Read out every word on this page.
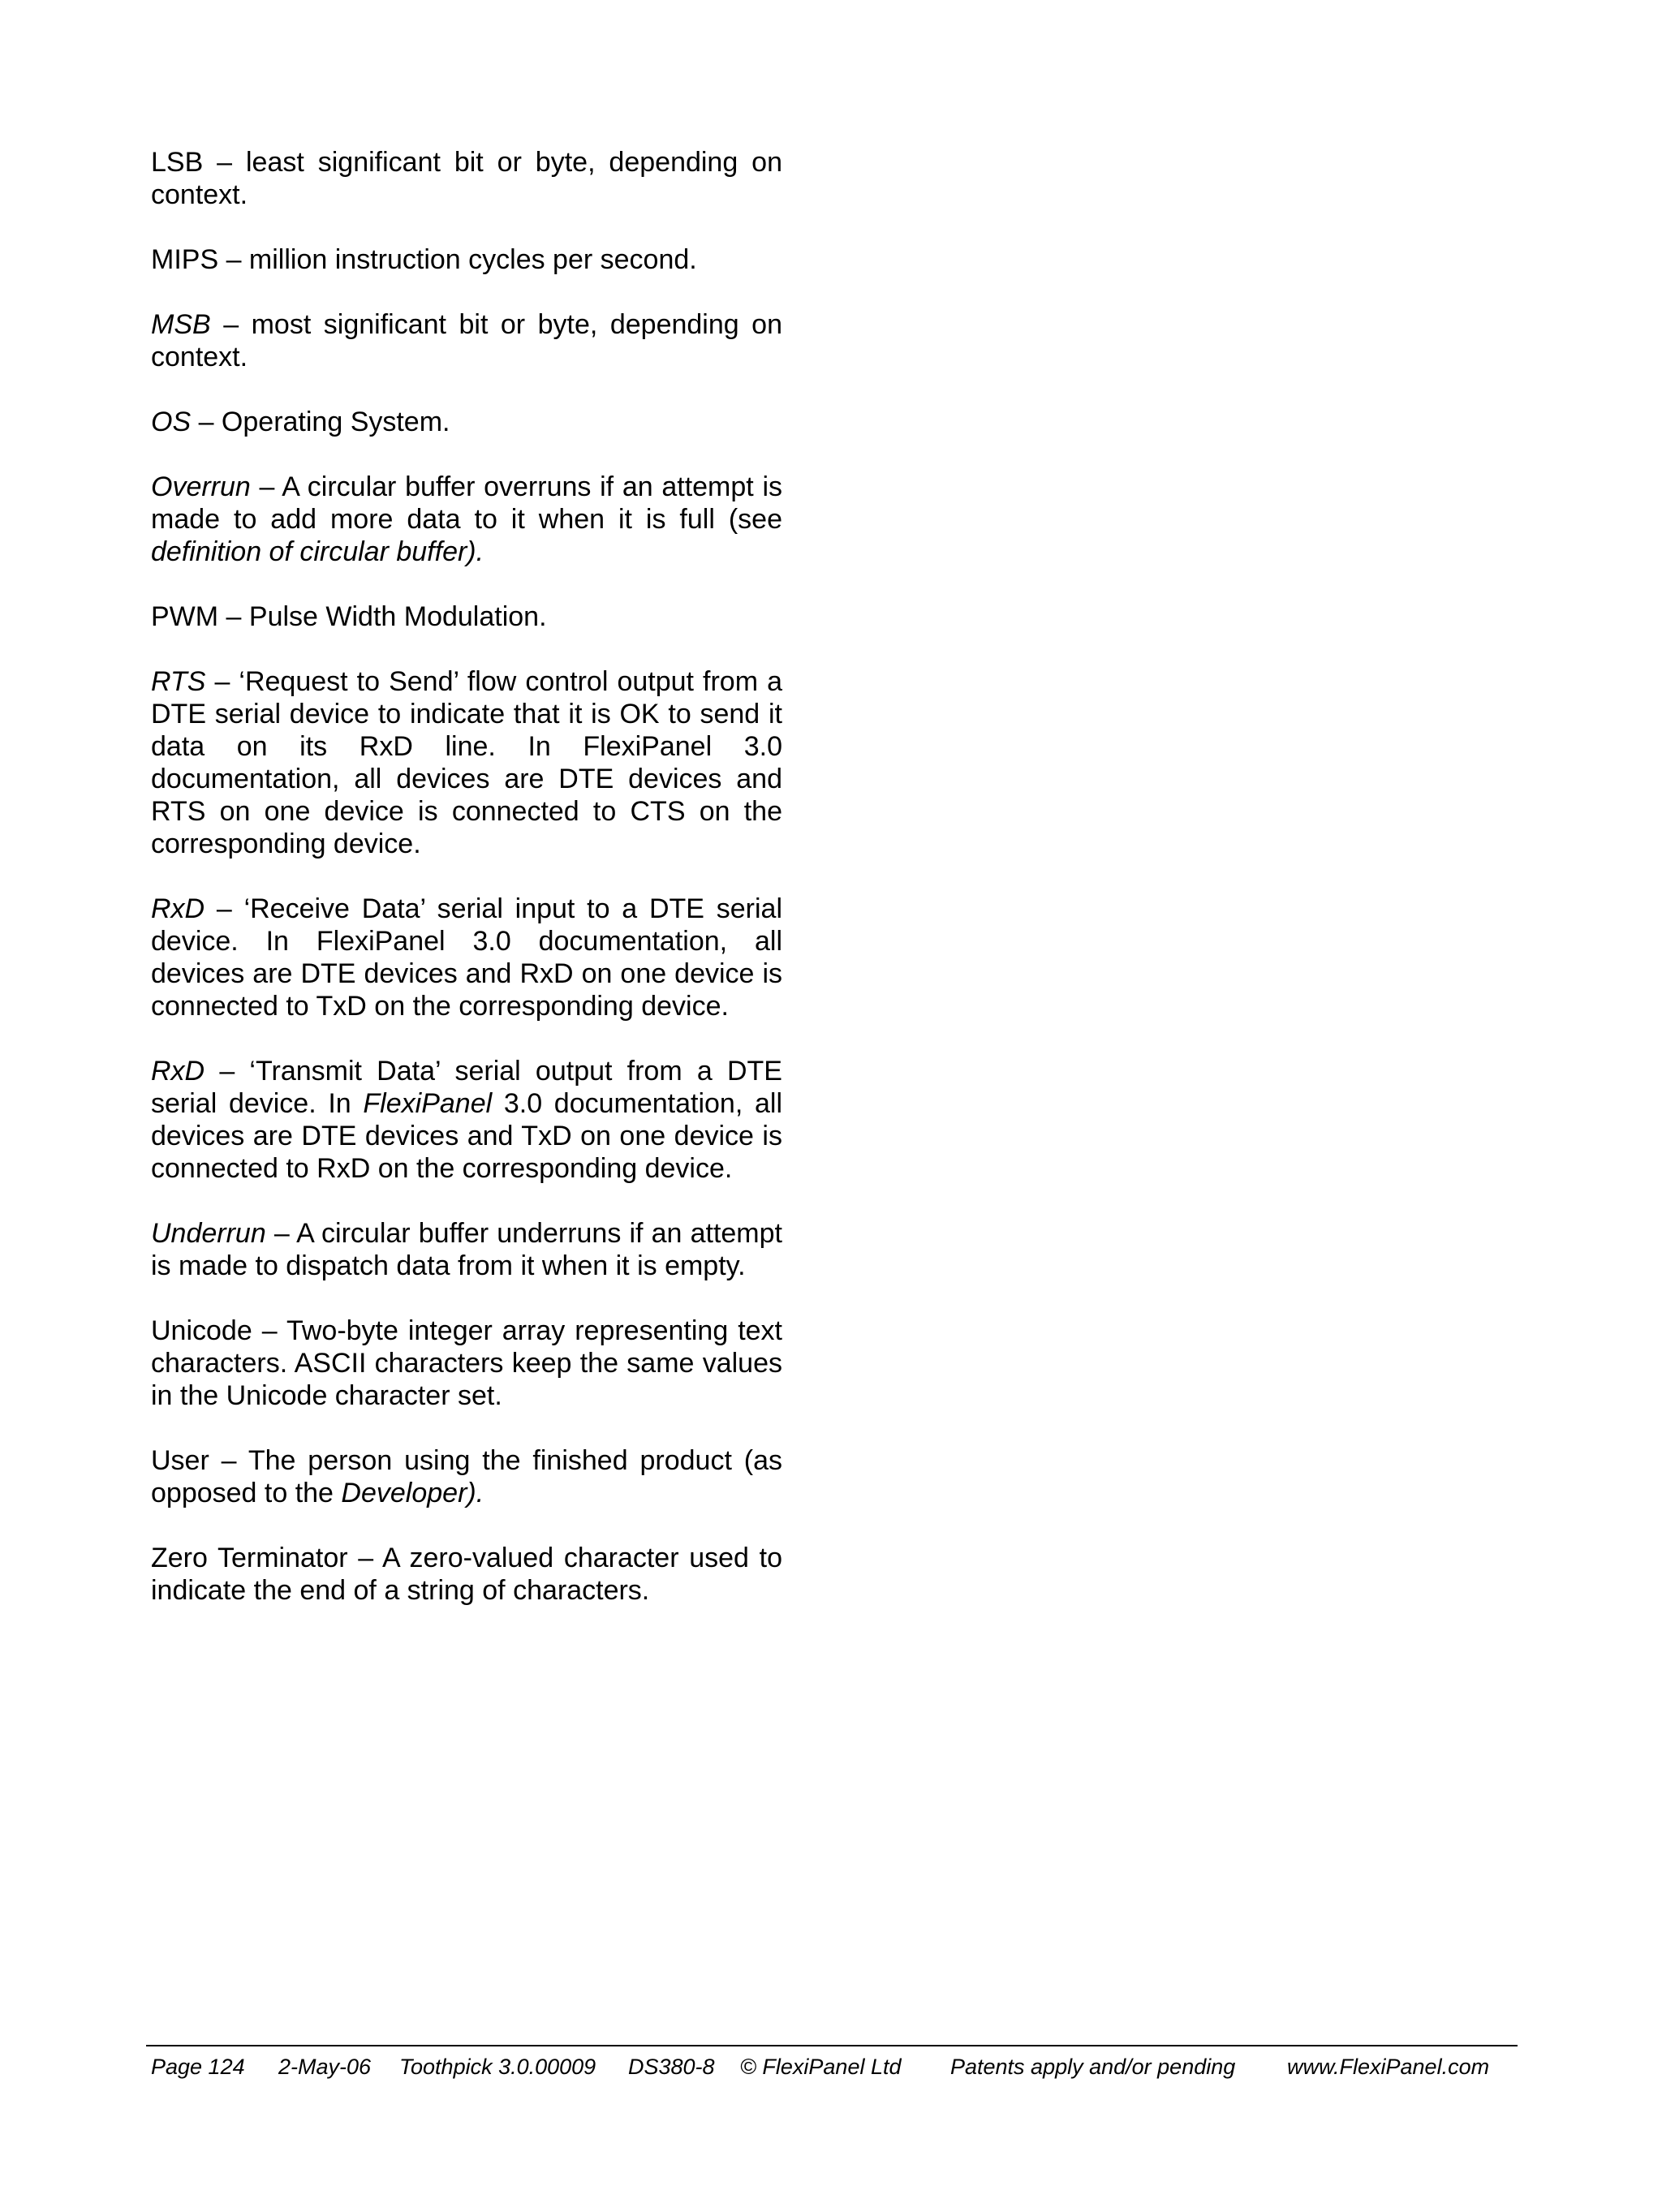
LSB – least significant bit or byte, depending on context.

MIPS – million instruction cycles per second.

MSB – most significant bit or byte, depending on context.

OS – Operating System.

Overrun – A circular buffer overruns if an attempt is made to add more data to it when it is full (see definition of circular buffer).

PWM – Pulse Width Modulation.

RTS – ‘Request to Send’ flow control output from a DTE serial device to indicate that it is OK to send it data on its RxD line. In FlexiPanel 3.0 documentation, all devices are DTE devices and RTS on one device is connected to CTS on the corresponding device.

RxD – ‘Receive Data’ serial input to a DTE serial device. In FlexiPanel 3.0 documentation, all devices are DTE devices and RxD on one device is connected to TxD on the corresponding device.

RxD – ‘Transmit Data’ serial output from a DTE serial device. In FlexiPanel 3.0 documentation, all devices are DTE devices and TxD on one device is connected to RxD on the corresponding device.

Underrun – A circular buffer underruns if an attempt is made to dispatch data from it when it is empty.

Unicode – Two-byte integer array representing text characters. ASCII characters keep the same values in the Unicode character set.

User – The person using the finished product (as opposed to the Developer).

Zero Terminator – A zero-valued character used to indicate the end of a string of characters.

Page 124 2-May-06 Toothpick 3.0.00009 DS380-8 © FlexiPanel Ltd Patents apply and/or pending www.FlexiPanel.com
